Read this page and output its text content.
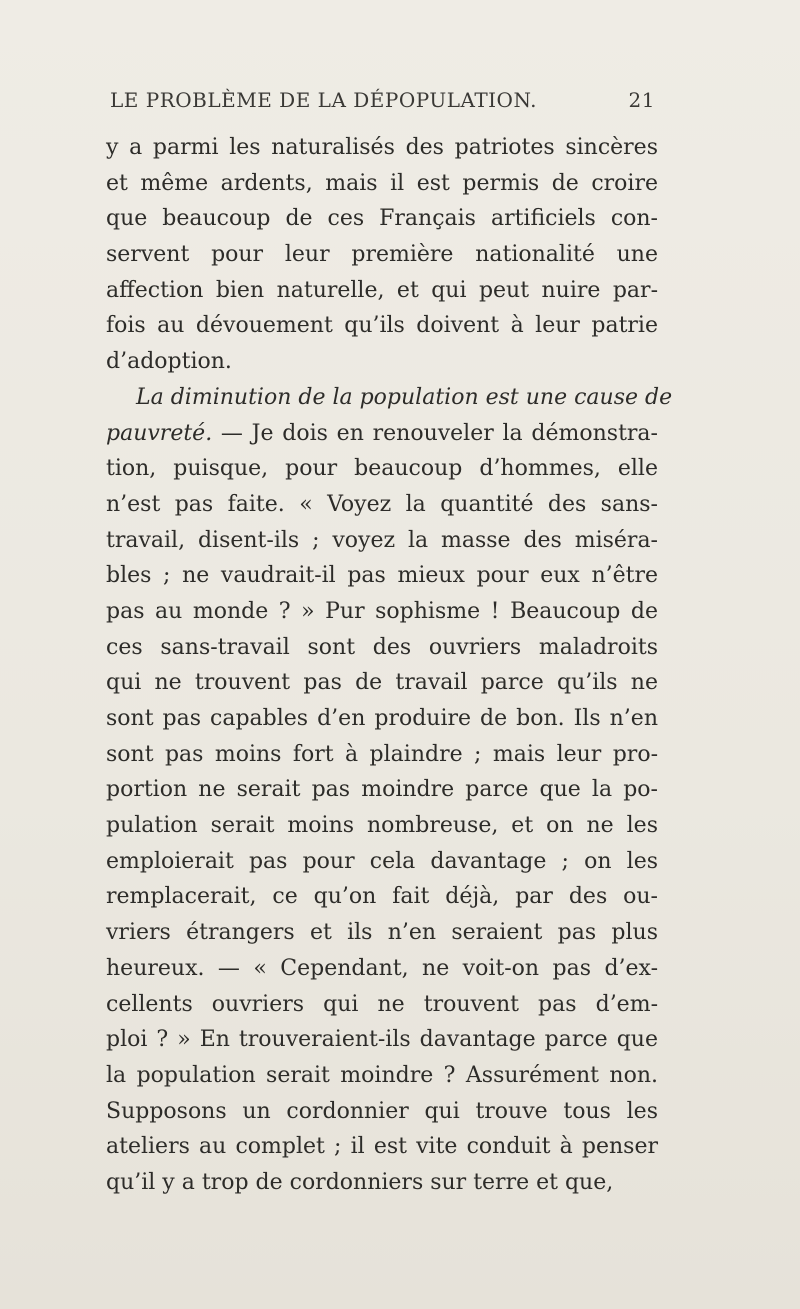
LE PROBLÈME DE LA DÉPOPULATION.	21
y a parmi les naturalisés des patriotes sincères
et même ardents, mais il est permis de croire
que beaucoup de ces Français artificiels con-
servent pour leur première nationalité une
affection bien naturelle, et qui peut nuire par-
fois au dévouement qu’ils doivent à leur patrie
d’adoption.
La diminution de la population est une cause de
pauvreté. — Je dois en renouveler la démonstra-
tion, puisque, pour beaucoup d’hommes, elle
n’est pas faite. « Voyez la quantité des sans-
travail, disent-ils ; voyez la masse des miséra-
bles ; ne vaudrait-il pas mieux pour eux n’être
pas au monde ? » Pur sophisme ! Beaucoup de
ces sans-travail sont des ouvriers maladroits
qui ne trouvent pas de travail parce qu’ils ne
sont pas capables d’en produire de bon. Ils n’en
sont pas moins fort à plaindre ; mais leur pro-
portion ne serait pas moindre parce que la po-
pulation serait moins nombreuse, et on ne les
emploierait pas pour cela davantage ; on les
remplacerait, ce qu’on fait déjà, par des ou-
vriers étrangers et ils n’en seraient pas plus
heureux. — « Cependant, ne voit-on pas d’ex-
cellents ouvriers qui ne trouvent pas d’em-
ploi ? » En trouveraient-ils davantage parce que
la population serait moindre ? Assurément non.
Supposons un cordonnier qui trouve tous les
ateliers au complet ; il est vite conduit à penser
qu’il y a trop de cordonniers sur terre et que,
